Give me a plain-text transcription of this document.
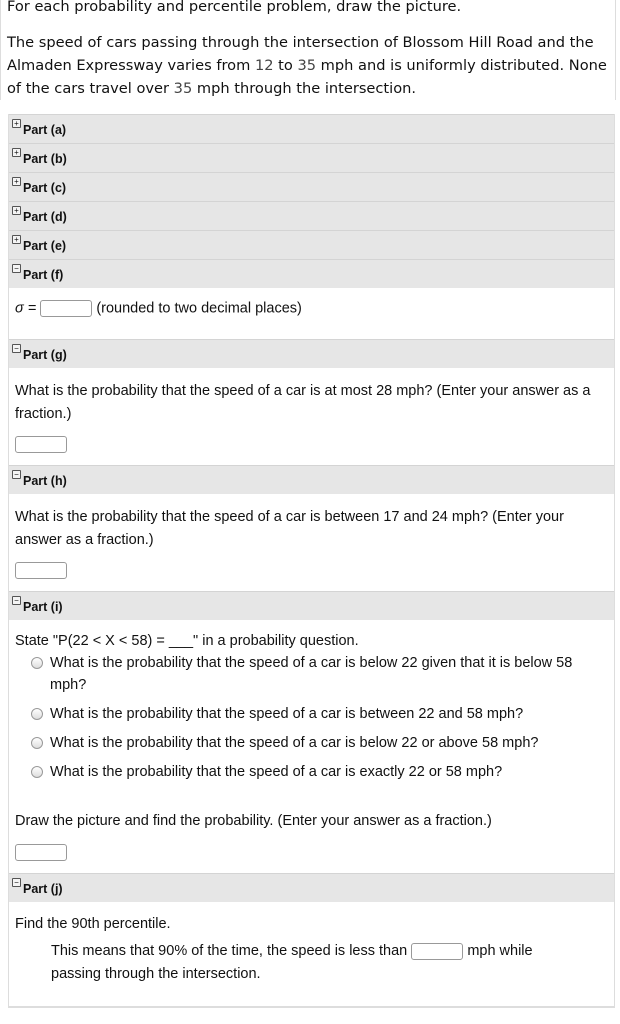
For each probability and percentile problem, draw the picture.

The speed of cars passing through the intersection of Blossom Hill Road and the Almaden Expressway varies from 12 to 35 mph and is uniformly distributed. None of the cars travel over 35 mph through the intersection.

+ Part (a)
+ Part (b)
+ Part (c)
+ Part (d)
+ Part (e)
− Part (f)
σ =	(rounded to two decimal places)
− Part (g)
What is the probability that the speed of a car is at most 28 mph? (Enter your answer as a fraction.)
− Part (h)
What is the probability that the speed of a car is between 17 and 24 mph? (Enter your answer as a fraction.)
− Part (i)
State "P(22 < X < 58) = ___" in a probability question.
What is the probability that the speed of a car is below 22 given that it is below 58 mph?
What is the probability that the speed of a car is between 22 and 58 mph?
What is the probability that the speed of a car is below 22 or above 58 mph?
What is the probability that the speed of a car is exactly 22 or 58 mph?
Draw the picture and find the probability. (Enter your answer as a fraction.)
− Part (j)
Find the 90th percentile.
This means that 90% of the time, the speed is less than	mph while passing through the intersection.
